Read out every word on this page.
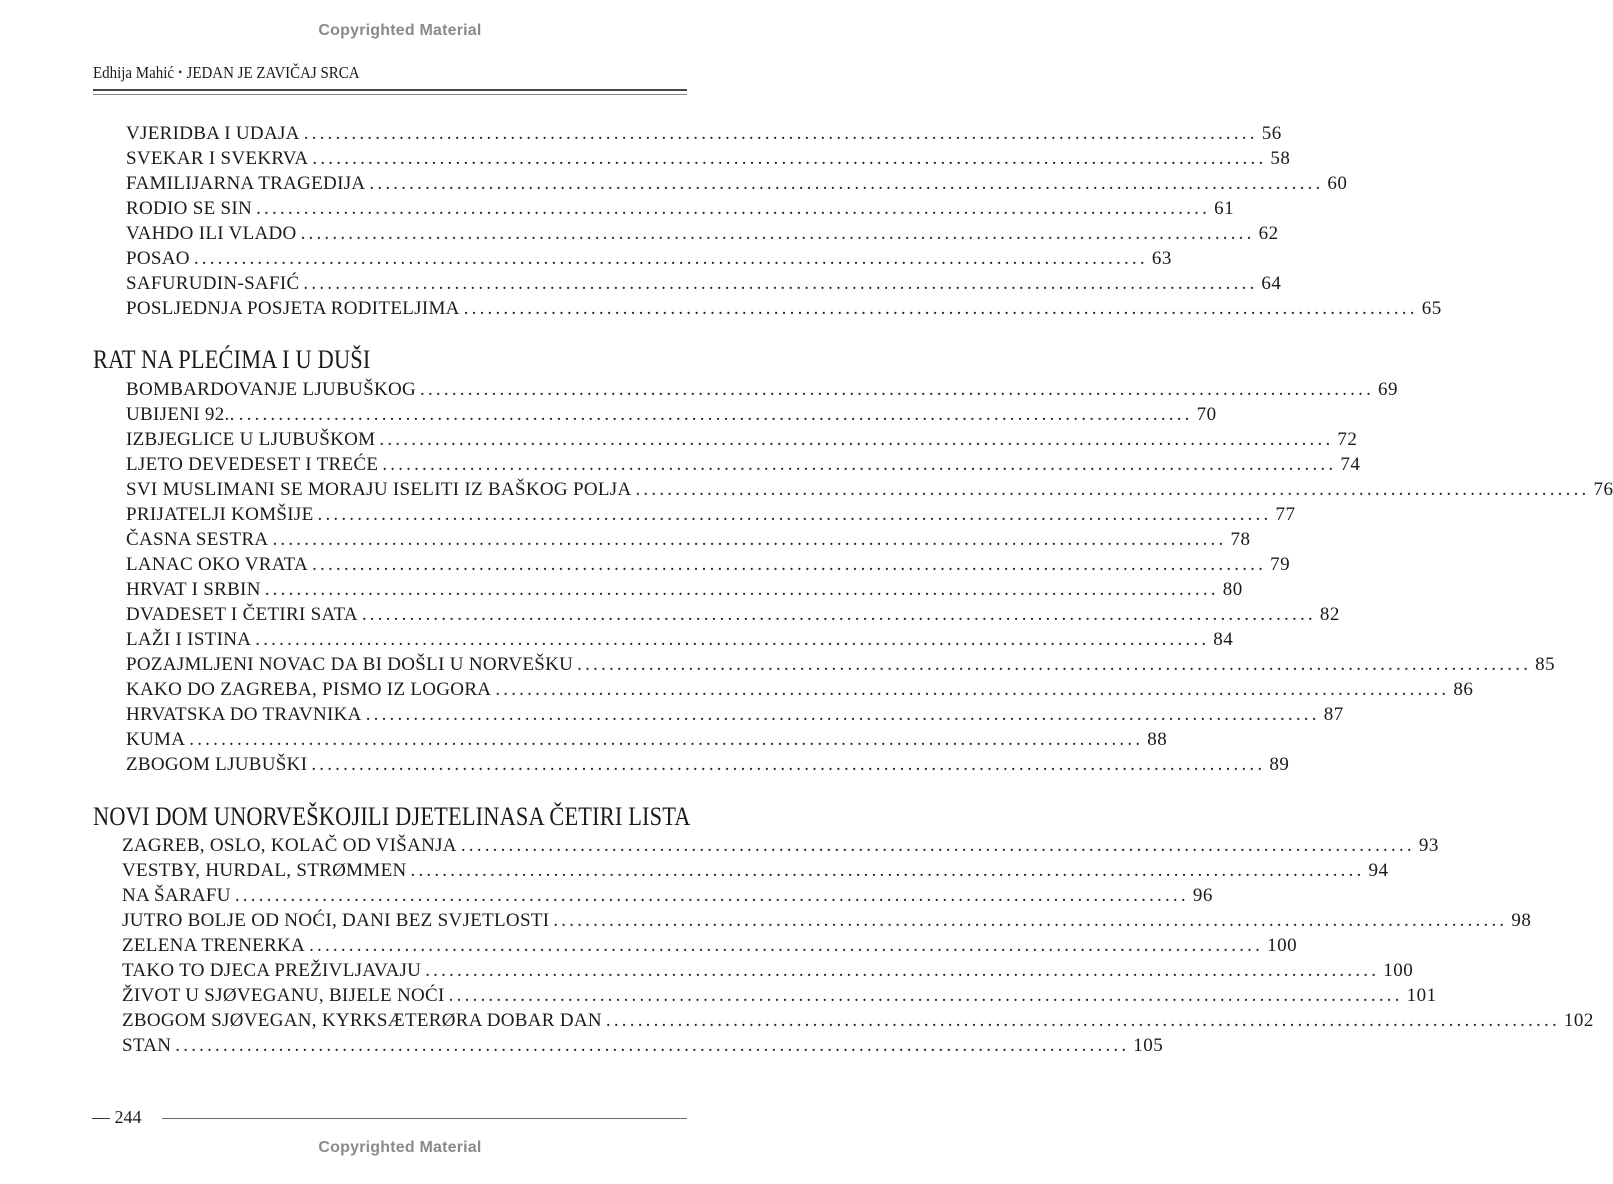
Copyrighted Material
Edhija Mahić • JEDAN JE ZAVIČAJ SRCA
VJERIDBA I UDAJA ........................................................................................................................ 56
SVEKAR I SVEKRVA ........................................................................................................................ 58
FAMILIJARNA TRAGEDIJA ........................................................................................................................ 60
RODIO SE SIN ........................................................................................................................ 61
VAHDO ILI VLADO ........................................................................................................................ 62
POSAO ........................................................................................................................ 63
SAFURUDIN-SAFIĆ ........................................................................................................................ 64
POSLJEDNJA POSJETA RODITELJIMA ........................................................................................................................ 65
RAT NA PLEĆIMA I U DUŠI
BOMBARDOVANJE LJUBUŠKOG ........................................................................................................................ 69
UBIJENI 92.. ........................................................................................................................ 70
IZBJEGLICE U LJUBUŠKOM ........................................................................................................................ 72
LJETO DEVEDESET I TREĆE ........................................................................................................................ 74
SVI MUSLIMANI SE MORAJU ISELITI IZ BAŠKOG POLJA ........................................................................................................................ 76
PRIJATELJI KOMŠIJE ........................................................................................................................ 77
ČASNA SESTRA ........................................................................................................................ 78
LANAC OKO VRATA ........................................................................................................................ 79
HRVAT I SRBIN ........................................................................................................................ 80
DVADESET I ČETIRI SATA ........................................................................................................................ 82
LAŽI I ISTINA ........................................................................................................................ 84
POZAJMLJENI NOVAC DA BI DOŠLI U NORVEŠKU ........................................................................................................................ 85
KAKO DO ZAGREBA, PISMO IZ LOGORA ........................................................................................................................ 86
HRVATSKA DO TRAVNIKA ........................................................................................................................ 87
KUMA ........................................................................................................................ 88
ZBOGOM LJUBUŠKI ........................................................................................................................ 89
NOVI DOM UNORVEŠKOJILI DJETELINASA ČETIRI LISTA
ZAGREB, OSLO, KOLAČ OD VIŠANJA ........................................................................................................................ 93
VESTBY, HURDAL, STRØMMEN ........................................................................................................................ 94
NA ŠARAFU ........................................................................................................................ 96
JUTRO BOLJE OD NOĆI, DANI BEZ SVJETLOSTI ........................................................................................................................ 98
ZELENA TRENERKA ........................................................................................................................ 100
TAKO TO DJECA PREŽIVLJAVAJU ........................................................................................................................ 100
ŽIVOT U SJØVEGANU, BIJELE NOĆI ........................................................................................................................ 101
ZBOGOM SJØVEGAN, KYRKSÆTERØRA DOBAR DAN ........................................................................................................................ 102
STAN ........................................................................................................................ 105
— 244
Copyrighted Material
